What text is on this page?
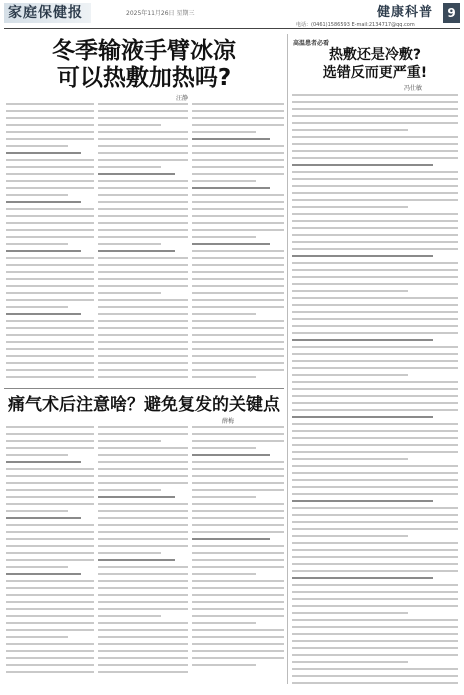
家庭保健报	2025年11月26日 星期三	健康科普	9
电话：(0461)1586593 E-mail:2134717@qq.com
冬季输液手臂冰凉
可以热敷加热吗?
汪静
痛气术后注意啥？避免复发的关键点
薛梅
高温患者必看
热敷还是冷敷?
选错反而更严重!
冯仕敏
